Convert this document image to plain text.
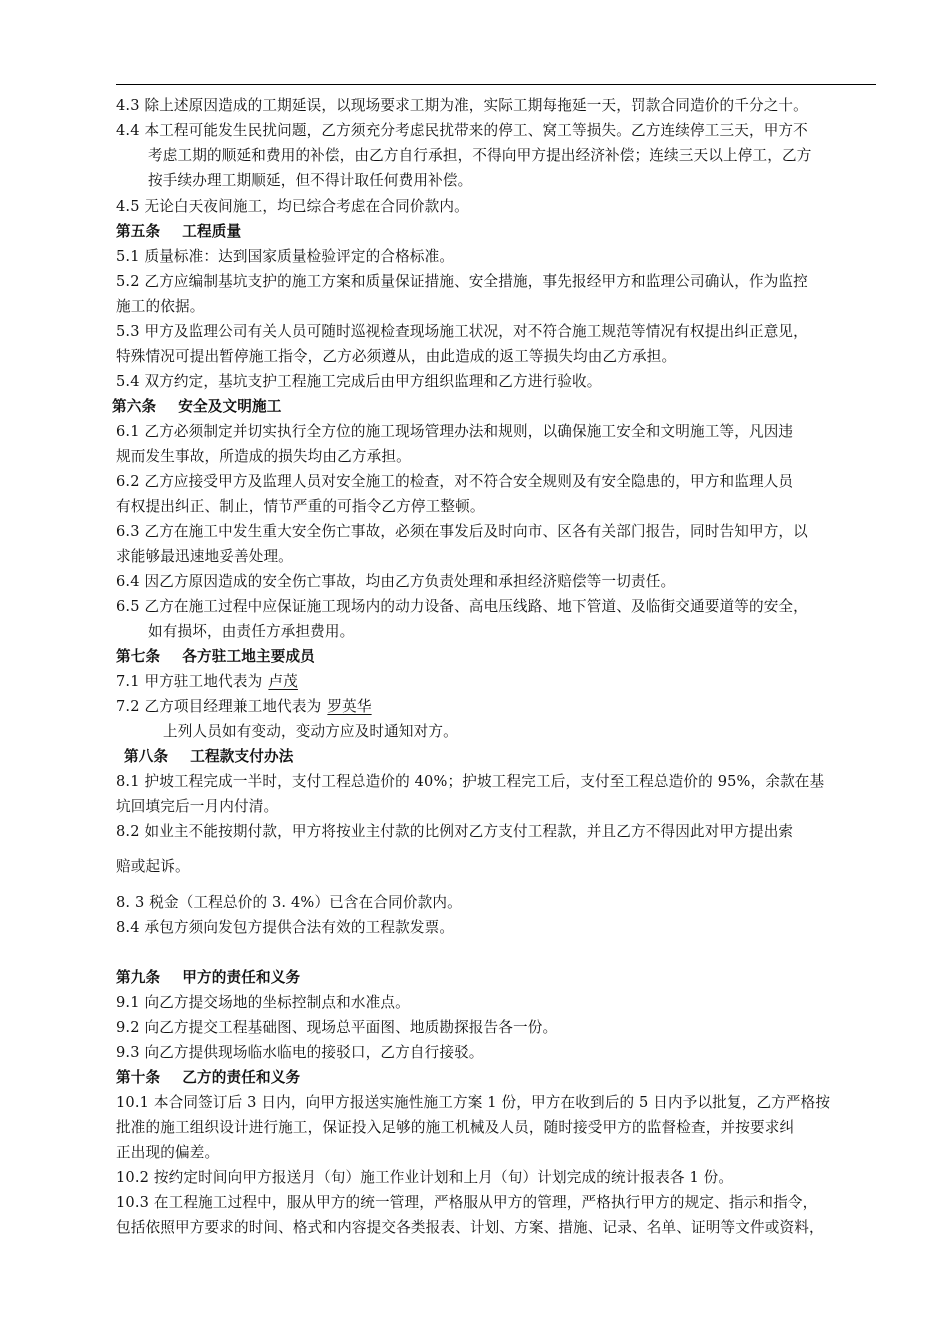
4.3 除上述原因造成的工期延误，以现场要求工期为准，实际工期每拖延一天，罚款合同造价的千分之十。
4.4 本工程可能发生民扰问题，乙方须充分考虑民扰带来的停工、窝工等损失。乙方连续停工三天，甲方不
考虑工期的顺延和费用的补偿，由乙方自行承担，不得向甲方提出经济补偿；连续三天以上停工，乙方
按手续办理工期顺延，但不得计取任何费用补偿。
4.5 无论白天夜间施工，均已综合考虑在合同价款内。
第五条 工程质量
5.1 质量标准：达到国家质量检验评定的合格标准。
5.2 乙方应编制基坑支护的施工方案和质量保证措施、安全措施，事先报经甲方和监理公司确认，作为监控
施工的依据。
5.3 甲方及监理公司有关人员可随时巡视检查现场施工状况，对不符合施工规范等情况有权提出纠正意见，
特殊情况可提出暂停施工指令，乙方必须遵从，由此造成的返工等损失均由乙方承担。
5.4 双方约定，基坑支护工程施工完成后由甲方组织监理和乙方进行验收。
第六条 安全及文明施工
6.1 乙方必须制定并切实执行全方位的施工现场管理办法和规则，以确保施工安全和文明施工等，凡因违
规而发生事故，所造成的损失均由乙方承担。
6.2 乙方应接受甲方及监理人员对安全施工的检查，对不符合安全规则及有安全隐患的，甲方和监理人员
有权提出纠正、制止，情节严重的可指令乙方停工整顿。
6.3 乙方在施工中发生重大安全伤亡事故，必须在事发后及时向市、区各有关部门报告，同时告知甲方，以
求能够最迅速地妥善处理。
6.4 因乙方原因造成的安全伤亡事故，均由乙方负责处理和承担经济赔偿等一切责任。
6.5 乙方在施工过程中应保证施工现场内的动力设备、高电压线路、地下管道、及临街交通要道等的安全，
如有损坏，由责任方承担费用。
第七条 各方驻工地主要成员
7.1 甲方驻工地代表为 卢茂
7.2 乙方项目经理兼工地代表为 罗英华
上列人员如有变动，变动方应及时通知对方。
第八条 工程款支付办法
8.1 护坡工程完成一半时，支付工程总造价的 40%；护坡工程完工后，支付至工程总造价的 95%，余款在基
坑回填完后一月内付清。
8.2 如业主不能按期付款，甲方将按业主付款的比例对乙方支付工程款，并且乙方不得因此对甲方提出索
赔或起诉。
8. 3 税金（工程总价的 3. 4%）已含在合同价款内。
8.4 承包方须向发包方提供合法有效的工程款发票。
第九条 甲方的责任和义务
9.1 向乙方提交场地的坐标控制点和水准点。
9.2 向乙方提交工程基础图、现场总平面图、地质勘探报告各一份。
9.3 向乙方提供现场临水临电的接驳口，乙方自行接驳。
第十条 乙方的责任和义务
10.1 本合同签订后 3 日内，向甲方报送实施性施工方案 1 份，甲方在收到后的 5 日内予以批复，乙方严格按
批准的施工组织设计进行施工，保证投入足够的施工机械及人员，随时接受甲方的监督检查，并按要求纠
正出现的偏差。
10.2 按约定时间向甲方报送月（旬）施工作业计划和上月（旬）计划完成的统计报表各 1 份。
10.3 在工程施工过程中，服从甲方的统一管理，严格服从甲方的管理，严格执行甲方的规定、指示和指令，
包括依照甲方要求的时间、格式和内容提交各类报表、计划、方案、措施、记录、名单、证明等文件或资料，
